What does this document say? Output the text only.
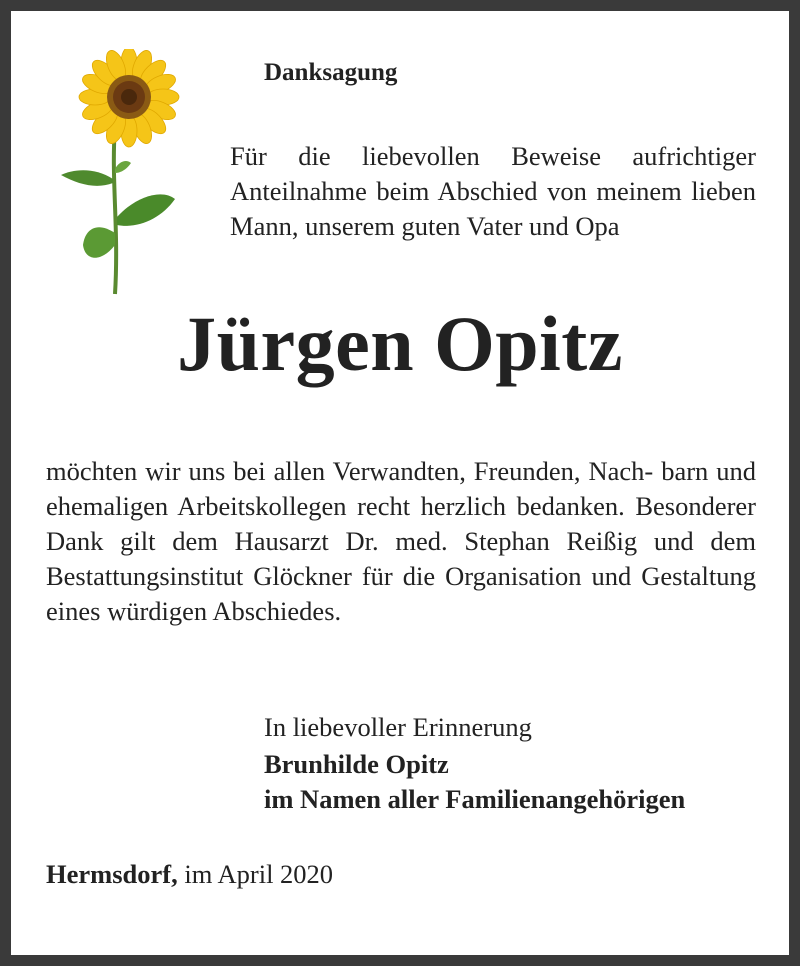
Danksagung

Für die liebevollen Beweise aufrichtiger Anteilnahme beim Abschied von meinem lieben Mann, unserem guten Vater und Opa

Jürgen Opitz

möchten wir uns bei allen Verwandten, Freunden, Nach- barn und ehemaligen Arbeitskollegen recht herzlich bedanken. Besonderer Dank gilt dem Hausarzt Dr. med. Stephan Reißig und dem Bestattungsinstitut Glöckner für die Organisation und Gestaltung eines würdigen Abschiedes.

In liebevoller Erinnerung
Brunhilde Opitz
im Namen aller Familienangehörigen

Hermsdorf, im April 2020
